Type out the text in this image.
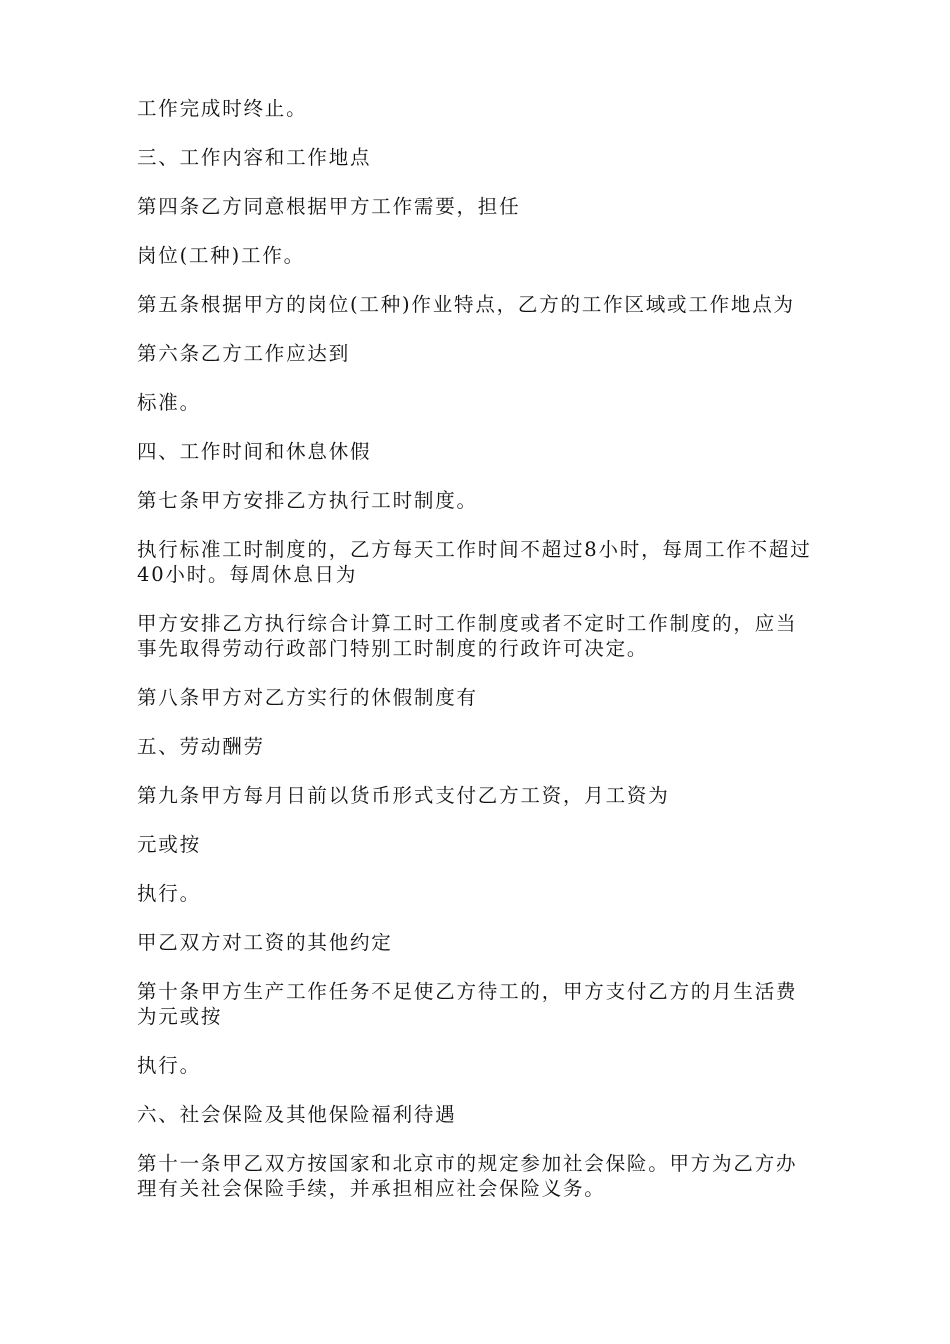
工作完成时终止。

三、工作内容和工作地点

第四条乙方同意根据甲方工作需要，担任

岗位(工种)工作。

第五条根据甲方的岗位(工种)作业特点，乙方的工作区域或工作地点为

第六条乙方工作应达到

标准。

四、工作时间和休息休假

第七条甲方安排乙方执行工时制度。

执行标准工时制度的，乙方每天工作时间不超过8小时，每周工作不超过40小时。每周休息日为

甲方安排乙方执行综合计算工时工作制度或者不定时工作制度的，应当事先取得劳动行政部门特别工时制度的行政许可决定。

第八条甲方对乙方实行的休假制度有

五、劳动酬劳

第九条甲方每月日前以货币形式支付乙方工资，月工资为

元或按

执行。

甲乙双方对工资的其他约定

第十条甲方生产工作任务不足使乙方待工的，甲方支付乙方的月生活费为元或按

执行。

六、社会保险及其他保险福利待遇

第十一条甲乙双方按国家和北京市的规定参加社会保险。甲方为乙方办理有关社会保险手续，并承担相应社会保险义务。
